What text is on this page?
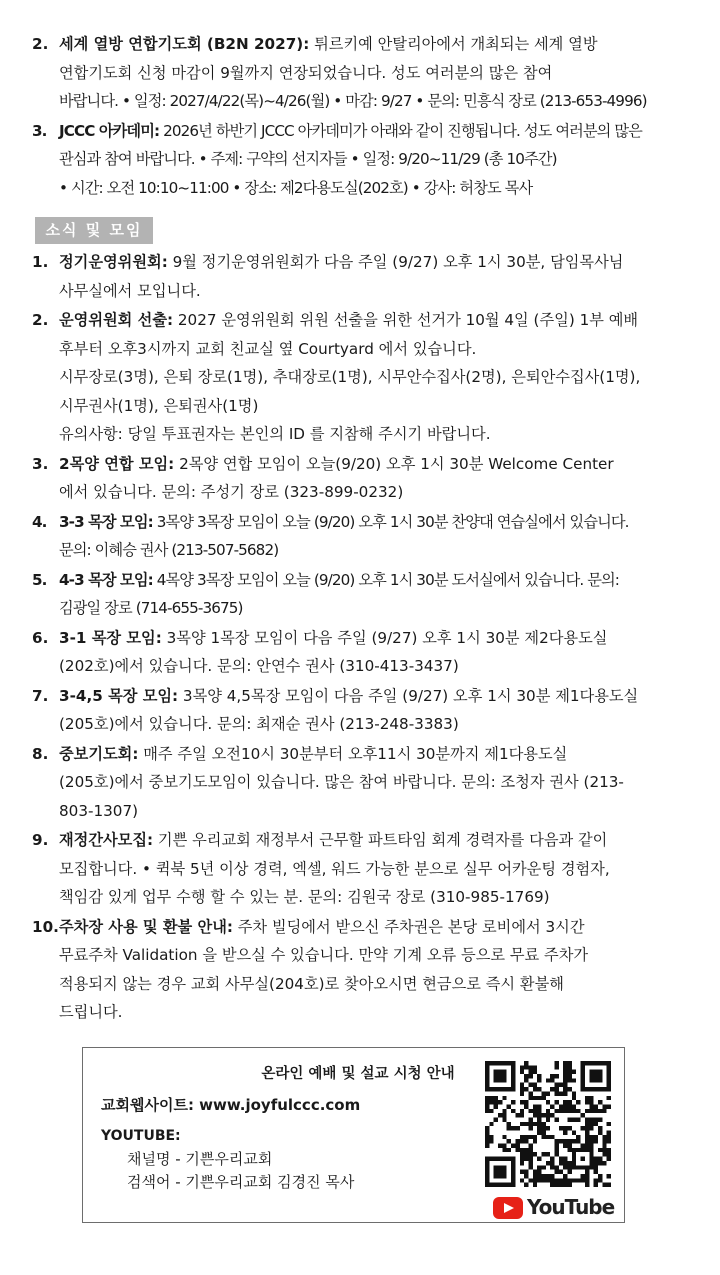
2. 세계 열방 연합기도회 (B2N 2027): 튀르키예 안탈리아에서 개최되는 세계 열방
연합기도회 신청 마감이 9월까지 연장되었습니다. 성도 여러분의 많은 참여
바랍니다. • 일정: 2027/4/22(목)~4/26(월) • 마감: 9/27 • 문의: 민흥식 장로 (213-653-4996)
3. JCCC 아카데미: 2026년 하반기 JCCC 아카데미가 아래와 같이 진행됩니다. 성도 여러분의 많은
관심과 참여 바랍니다. • 주제: 구약의 선지자들 • 일정: 9/20~11/29 (총 10주간)
• 시간: 오전 10:10~11:00 • 장소: 제2다용도실(202호) • 강사: 허창도 목사
소식 및 모임
1. 정기운영위원회: 9월 정기운영위원회가 다음 주일 (9/27) 오후 1시 30분, 담임목사님
사무실에서 모입니다.
2. 운영위원회 선출: 2027 운영위원회 위원 선출을 위한 선거가 10월 4일 (주일) 1부 예배
후부터 오후3시까지 교회 친교실 옆 Courtyard 에서 있습니다.
시무장로(3명), 은퇴 장로(1명), 추대장로(1명), 시무안수집사(2명), 은퇴안수집사(1명),
시무권사(1명), 은퇴권사(1명)
유의사항: 당일 투표권자는 본인의 ID 를 지참해 주시기 바랍니다.
3. 2목양 연합 모임: 2목양 연합 모임이 오늘(9/20) 오후 1시 30분 Welcome Center
에서 있습니다. 문의: 주성기 장로 (323-899-0232)
4. 3-3 목장 모임: 3목양 3목장 모임이 오늘 (9/20) 오후 1시 30분 찬양대 연습실에서 있습니다.
문의: 이혜승 권사 (213-507-5682)
5. 4-3 목장 모임: 4목양 3목장 모임이 오늘 (9/20) 오후 1시 30분 도서실에서 있습니다. 문의:
김광일 장로 (714-655-3675)
6. 3-1 목장 모임: 3목양 1목장 모임이 다음 주일 (9/27) 오후 1시 30분 제2다용도실
(202호)에서 있습니다. 문의: 안연수 권사 (310-413-3437)
7. 3-4,5 목장 모임: 3목양 4,5목장 모임이 다음 주일 (9/27) 오후 1시 30분 제1다용도실
(205호)에서 있습니다. 문의: 최재순 권사 (213-248-3383)
8. 중보기도회: 매주 주일 오전10시 30분부터 오후11시 30분까지 제1다용도실
(205호)에서 중보기도모임이 있습니다. 많은 참여 바랍니다. 문의: 조청자 권사 (213-
803-1307)
9. 재정간사모집: 기쁜 우리교회 재정부서 근무할 파트타임 회계 경력자를 다음과 같이
모집합니다. • 퀵북 5년 이상 경력, 엑셀, 워드 가능한 분으로 실무 어카운팅 경험자,
책임감 있게 업무 수행 할 수 있는 분. 문의: 김원국 장로 (310-985-1769)
10. 주차장 사용 및 환불 안내: 주차 빌딩에서 받으신 주차권은 본당 로비에서 3시간
무료주차 Validation 을 받으실 수 있습니다. 만약 기계 오류 등으로 무료 주차가
적용되지 않는 경우 교회 사무실(204호)로 찾아오시면 현금으로 즉시 환불해
드립니다.
온라인 예배 및 설교 시청 안내
교회웹사이트: www.joyfulccc.com
YOUTUBE:
채널명 - 기쁜우리교회
검색어 - 기쁜우리교회 김경진 목사
YouTube
